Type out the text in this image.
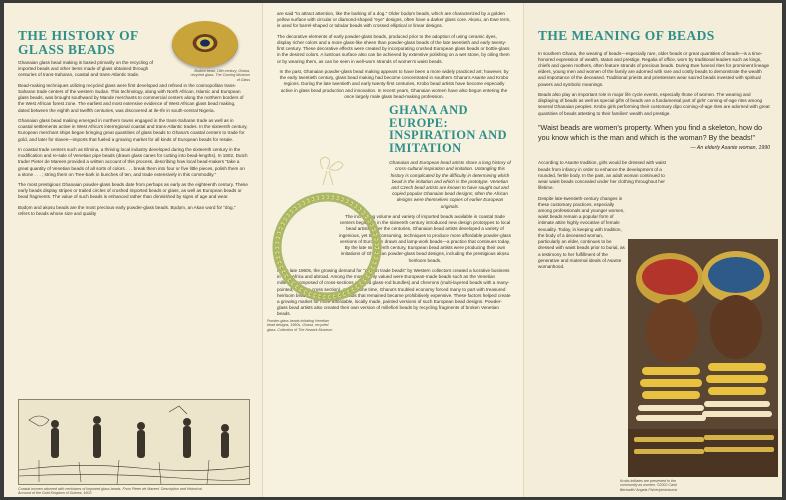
THE HISTORY OF
GLASS BEADS

Ghanaian glass bead making is based primarily on the recycling of imported beads and other items made of glass obtained through centuries of trans-Saharan, coastal and trans-Atlantic trade.

Bead-making techniques utilizing recycled glass were first developed and refined in the cosmopolitan trans-Saharan trade centers of the western Sudan. This technology, along with North African, Islamic and European glass beads, was brought southward by Mande merchants to commercial centers along the northern borders of the West African forest zone. The earliest and most extensive evidence of West African glass bead making, dated between the eighth and twelfth centuries, was discovered at Ile-Ife in south-central Nigeria.

Ghanaian glass bead making emerged in northern towns engaged in the trans-Saharan trade as well as in coastal settlements active in West Africa's interregional coastal and trans-Atlantic trades. In the sixteenth century, European merchant ships began bringing great quantities of glass beads to Ghana's coastal centers to trade for gold, and later for slaves—imports that fueled a growing market for all kinds of European beads for resale.

In coastal trade centers such as Elmina, a thriving local industry developed during the sixteenth century in the modification and re-sale of Venetian pipe beads (drawn glass canes for cutting into bead-lengths). In 1602, Dutch trader Pieter de Marees provided a written account of this process, describing how local bead-makers "take a great quantity of Venetian beads of all sorts of colors . . . break them into four or five little pieces, polish them on a stone . . . ; string them on Tree-bark in bunches of ten, and trade extensively in this commodity."

The most prestigious Ghanaian powder-glass beads date from perhaps as early as the eighteenth century. These early beads display stripes or trailed circles of crushed imported beads or glass, as well as European beads or bead fragments. The value of such beads is enhanced rather than diminished by signs of age and wear.

Bọdọm and akọsu beads are the most precious early powder-glass beads. Bọdọm, an Akan word for "dog," refers to beads whose size and quality

Bodom bead, 19th century, Ghana, recycled glass. The Corning Museum of Glass
Coastal women adorned with necklaces of imported glass beads. From Pieter de Marees' Description and Historical Account of the Gold Kingdom of Guinea, 1602.

are said "to attract attention, like the barking of a dog." Older bọdọm beads, which are characterized by a golden yellow surface with circular or diamond-shaped "eye" designs, often have a darker glass core. Akọsu, an Ewe term, is used for barrel-shaped or tubular beads with crossed elliptical or linear designs.

The decorative elements of early powder-glass beads, produced prior to the adoption of using ceramic dyes, display richer colors and a more glass-like sheen than powder-glass beads of the late twentieth and early twenty-first century. These decorative effects were created by incorporating crushed European glass beads or bottle-glass in the desired colors. A lustrous surface also can be achieved by extensive polishing on a wet stone, by oiling them or by wearing them, as can be seen in well-worn strands of women's waist beads.

In the past, Ghanaian powder-glass bead making appears to have been a more widely practiced art; however, by the early twentieth century, glass bead making had become concentrated in southern Ghana's Asante and Krobo regions. During the late twentieth and early twenty-first centuries, Krobo bead artists have become especially active in glass bead production and innovation. In recent years, Ghanaian women have also begun entering the once largely male glass bead-making profession.

GHANA AND EUROPE:
INSPIRATION AND
IMITATION

Ghanaian and European bead artists share a long history of cross-cultural inspiration and imitation. Untangling this history is complicated by the difficulty in determining which bead is the imitation and which is the prototype. Venetian and Czech bead artists are known to have sought out and copied popular Ghanaian bead designs; often the African designs were themselves copies of earlier European originals.

The increasing volume and variety of imported beads available in coastal trade centers beginning in the sixteenth century introduced new design prototypes to local bead artists. Over the centuries, Ghanaian bead artists developed a variety of ingenious, yet time-consuming, techniques to produce more affordable powder-glass versions of European drawn and lamp-work beads—a practice that continues today. By the late nineteenth century, European bead artists were producing their own imitations of Ghanaian powder-glass bead designs, including the prestigious akọsu heirloom beads.

In the late 1960s, the growing demand for "African trade beads" by Western collectors created a lucrative business in both Africa and abroad. Among the most highly valued were European-made beads such as the Venetian millefiori (composed of cross-sections of fused glass-rod bundles) and chevrons (multi-layered beads with a many-pointed, star-like cross section). At the same time, Ghana's troubled economy forced many to part with treasured heirloom beads, and those trade beads that remained became prohibitively expensive. These factors helped create a growing market for more affordable, locally made, painted versions of such European bead designs. Powder-glass bead artists also created their own version of millefiori beads by recycling fragments of broken Venetian beads.

Powder-glass beads imitating Venetian bead designs, 1960s, Ghana, recycled glass. Collection of The Newark Museum
THE MEANING OF BEADS

In southern Ghana, the wearing of beads—especially rare, older beads or great quantities of beads—is a time-honored expression of wealth, status and prestige. Regalia of office, worn by traditional leaders such as kings, chiefs and queen mothers, often feature strands of precious beads. During Ewe funeral rites for prominent lineage elders, young men and women of the family are adorned with rare and costly beads to demonstrate the wealth and importance of the deceased. Traditional priests and priestesses wear sacred beads invested with spiritual powers and symbolic meanings.

Beads also play an important role in major life cycle events, especially those of women. The wearing and displaying of beads as well as special gifts of beads are a fundamental part of girls' coming-of-age rites among several Ghanaian peoples. Krobo girls performing their customary dipo coming-of-age rites are adorned with great quantities of beads attesting to their families' wealth and prestige.

"Waist beads are women's property. When you find a skeleton, how do you know which is the man and which is the woman? By the beads!"
— An elderly Asante woman, 1990

According to Asante tradition, girls would be dressed with waist beads from infancy in order to enhance the development of a rounded, fertile body. In the past, an adult woman continued to wear waist beads concealed under her clothing throughout her lifetime.

Despite late-twentieth-century changes in these customary practices, especially among professionals and younger women, waist beads remain a popular form of intimate attire highly evocative of female sexuality. Today, in keeping with tradition, the body of a deceased woman, particularly an elder, continues to be dressed with waist beads prior to burial, as a testimony to her fulfillment of the generative and maternal ideals of Asante womanhood.

Krobo initiates are presented to the community as women. ©2002 Carol Beckwith/ Angela Fisher/photokunst
